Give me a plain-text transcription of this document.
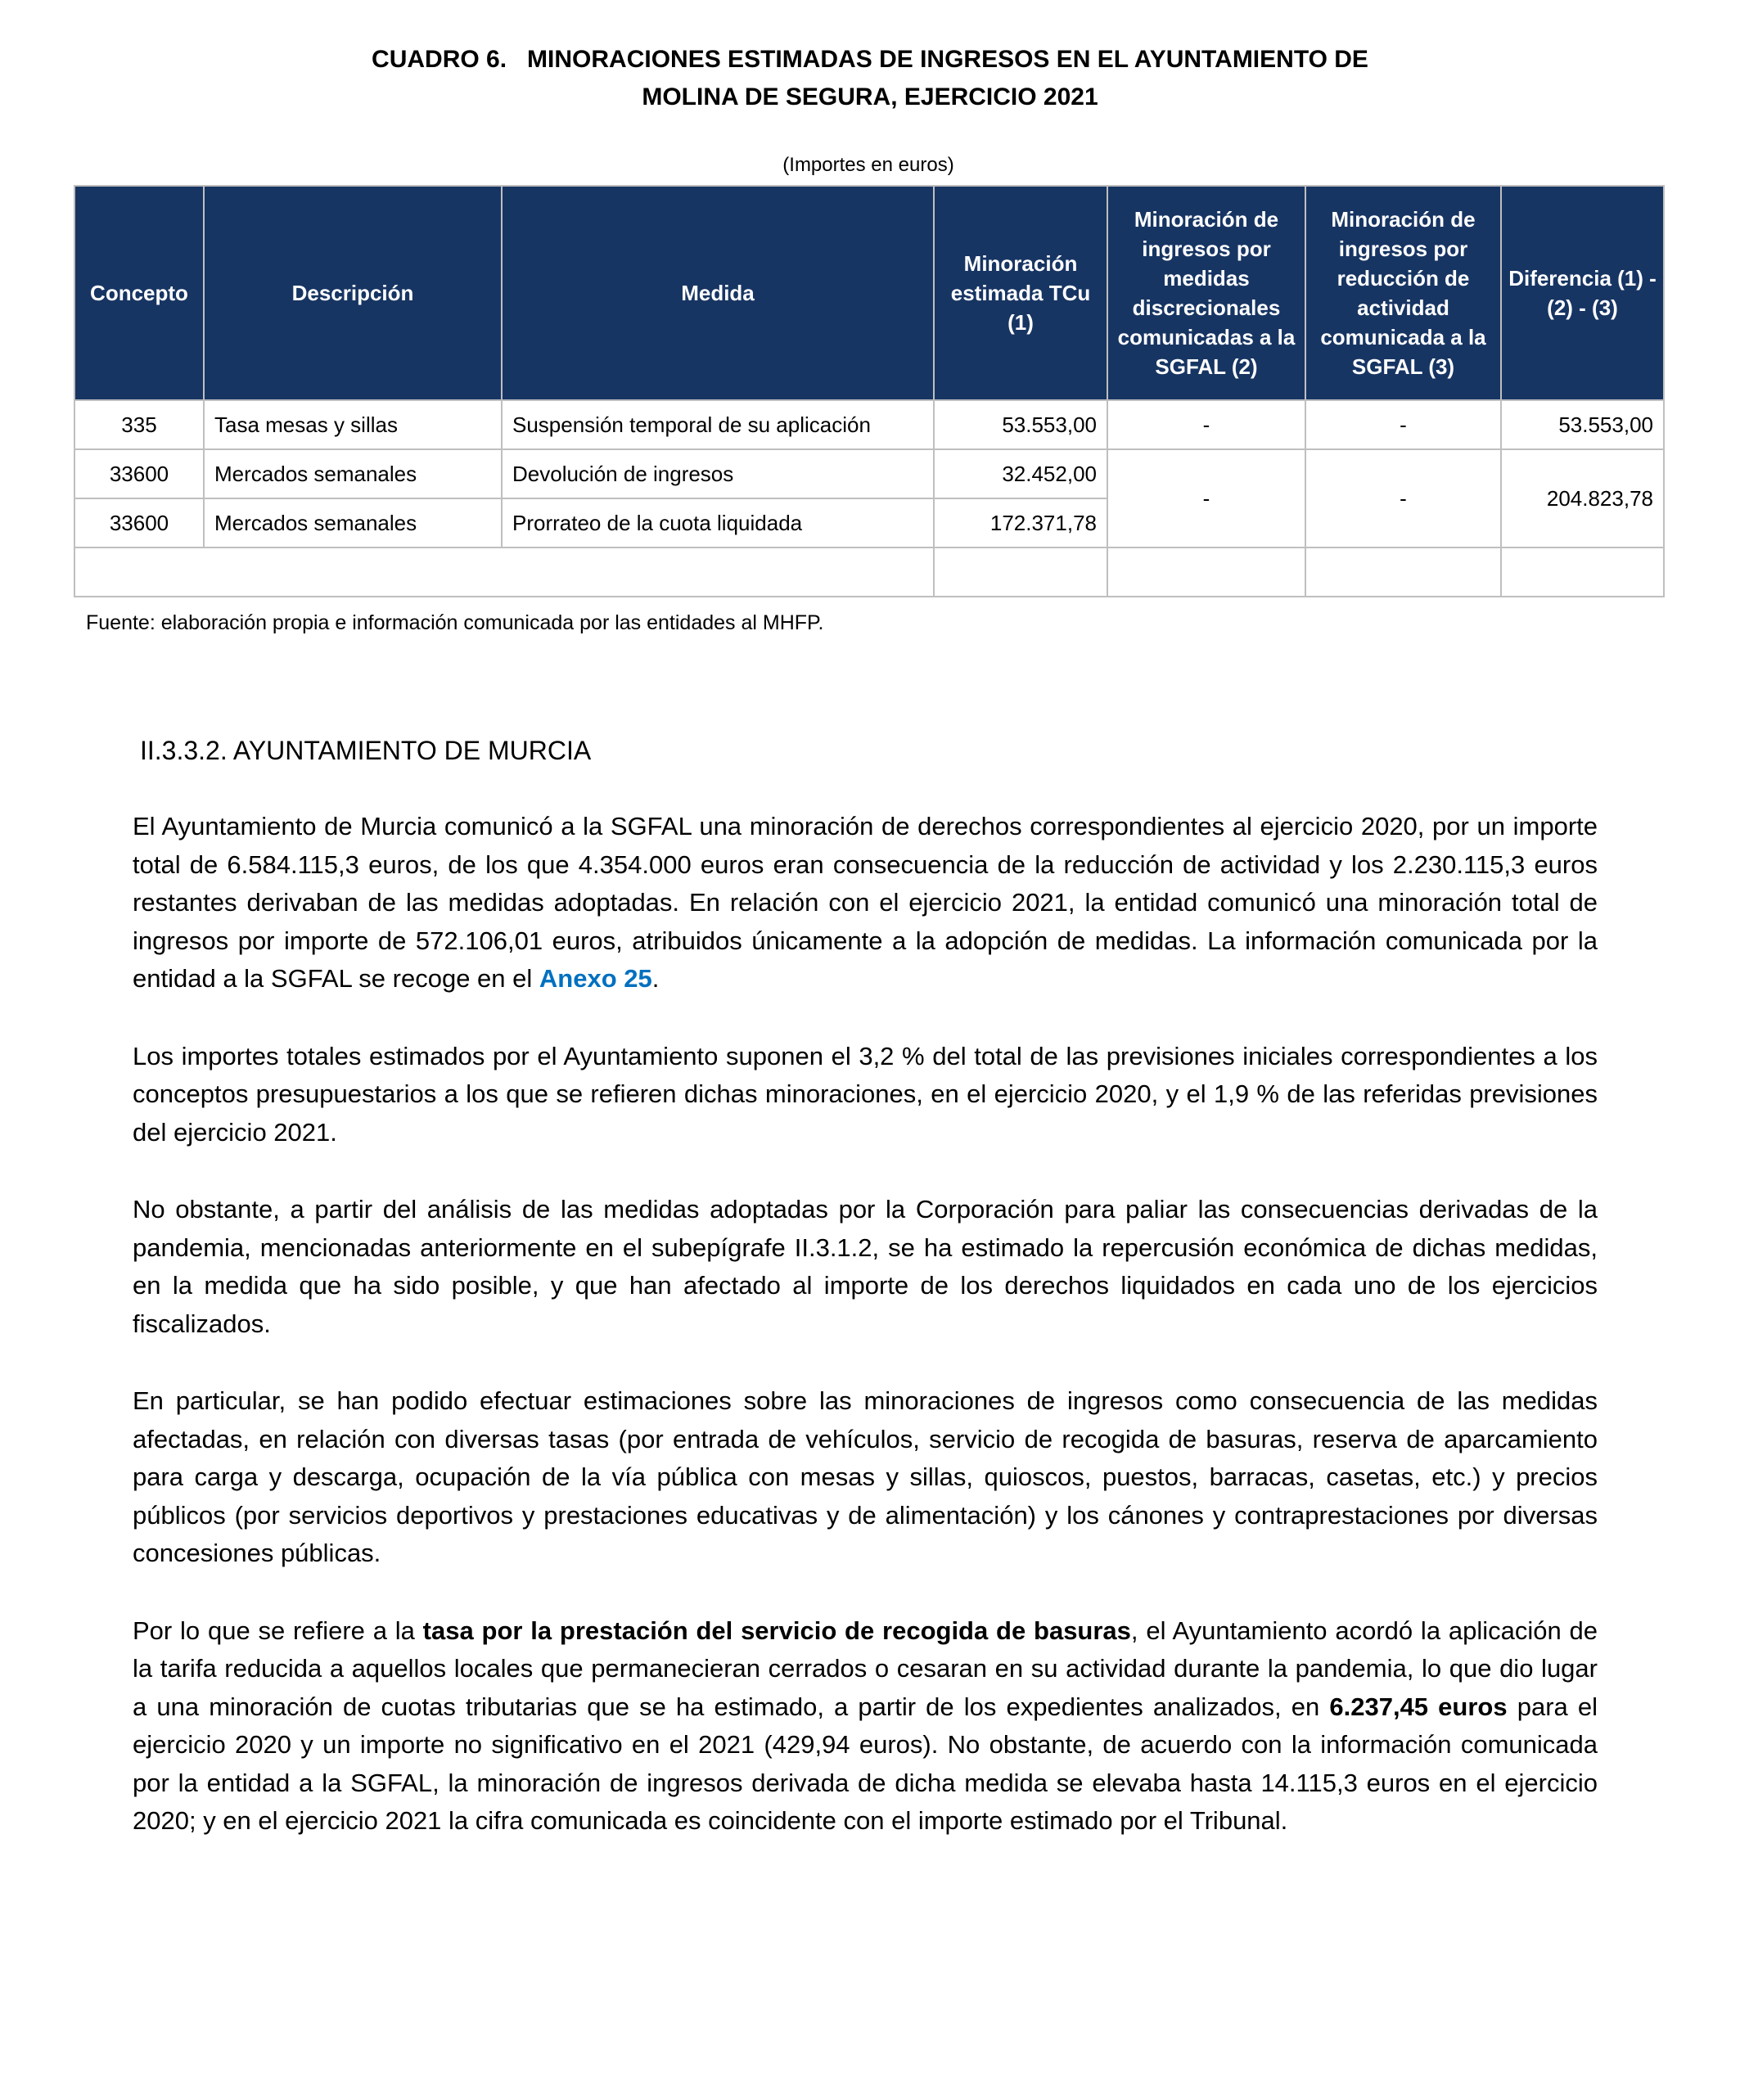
CUADRO 6.   MINORACIONES ESTIMADAS DE INGRESOS EN EL AYUNTAMIENTO DE
MOLINA DE SEGURA, EJERCICIO 2021
(Importes en euros)
Concepto	Descripción	Medida	Minoración estimada TCu (1)	Minoración de ingresos por medidas discrecionales comunicadas a la SGFAL (2)	Minoración de ingresos por reducción de actividad comunicada a la SGFAL (3)	Diferencia (1) - (2) - (3)
335	Tasa mesas y sillas	Suspensión temporal de su aplicación	53.553,00	-	-	53.553,00
33600	Mercados semanales	Devolución de ingresos	32.452,00	-	-	204.823,78
33600	Mercados semanales	Prorrateo de la cuota liquidada	172.371,78			
TOTAL			258.376,78	0,00	0,00	258.376,78
Fuente: elaboración propia e información comunicada por las entidades al MHFP.
II.3.3.2. AYUNTAMIENTO DE MURCIA

El Ayuntamiento de Murcia comunicó a la SGFAL una minoración de derechos correspondientes al ejercicio 2020, por un importe total de 6.584.115,3 euros, de los que 4.354.000 euros eran consecuencia de la reducción de actividad y los 2.230.115,3 euros restantes derivaban de las medidas adoptadas. En relación con el ejercicio 2021, la entidad comunicó una minoración total de ingresos por importe de 572.106,01 euros, atribuidos únicamente a la adopción de medidas. La información comunicada por la entidad a la SGFAL se recoge en el Anexo 25.

Los importes totales estimados por el Ayuntamiento suponen el 3,2 % del total de las previsiones iniciales correspondientes a los conceptos presupuestarios a los que se refieren dichas minoraciones, en el ejercicio 2020, y el 1,9 % de las referidas previsiones del ejercicio 2021.

No obstante, a partir del análisis de las medidas adoptadas por la Corporación para paliar las consecuencias derivadas de la pandemia, mencionadas anteriormente en el subepígrafe II.3.1.2, se ha estimado la repercusión económica de dichas medidas, en la medida que ha sido posible, y que han afectado al importe de los derechos liquidados en cada uno de los ejercicios fiscalizados.

En particular, se han podido efectuar estimaciones sobre las minoraciones de ingresos como consecuencia de las medidas afectadas, en relación con diversas tasas (por entrada de vehículos, servicio de recogida de basuras, reserva de aparcamiento para carga y descarga, ocupación de la vía pública con mesas y sillas, quioscos, puestos, barracas, casetas, etc.) y precios públicos (por servicios deportivos y prestaciones educativas y de alimentación) y los cánones y contraprestaciones por diversas concesiones públicas.

Por lo que se refiere a la tasa por la prestación del servicio de recogida de basuras, el Ayuntamiento acordó la aplicación de la tarifa reducida a aquellos locales que permanecieran cerrados o cesaran en su actividad durante la pandemia, lo que dio lugar a una minoración de cuotas tributarias que se ha estimado, a partir de los expedientes analizados, en 6.237,45 euros para el ejercicio 2020 y un importe no significativo en el 2021 (429,94 euros). No obstante, de acuerdo con la información comunicada por la entidad a la SGFAL, la minoración de ingresos derivada de dicha medida se elevaba hasta 14.115,3 euros en el ejercicio 2020; y en el ejercicio 2021 la cifra comunicada es coincidente con el importe estimado por el Tribunal.
